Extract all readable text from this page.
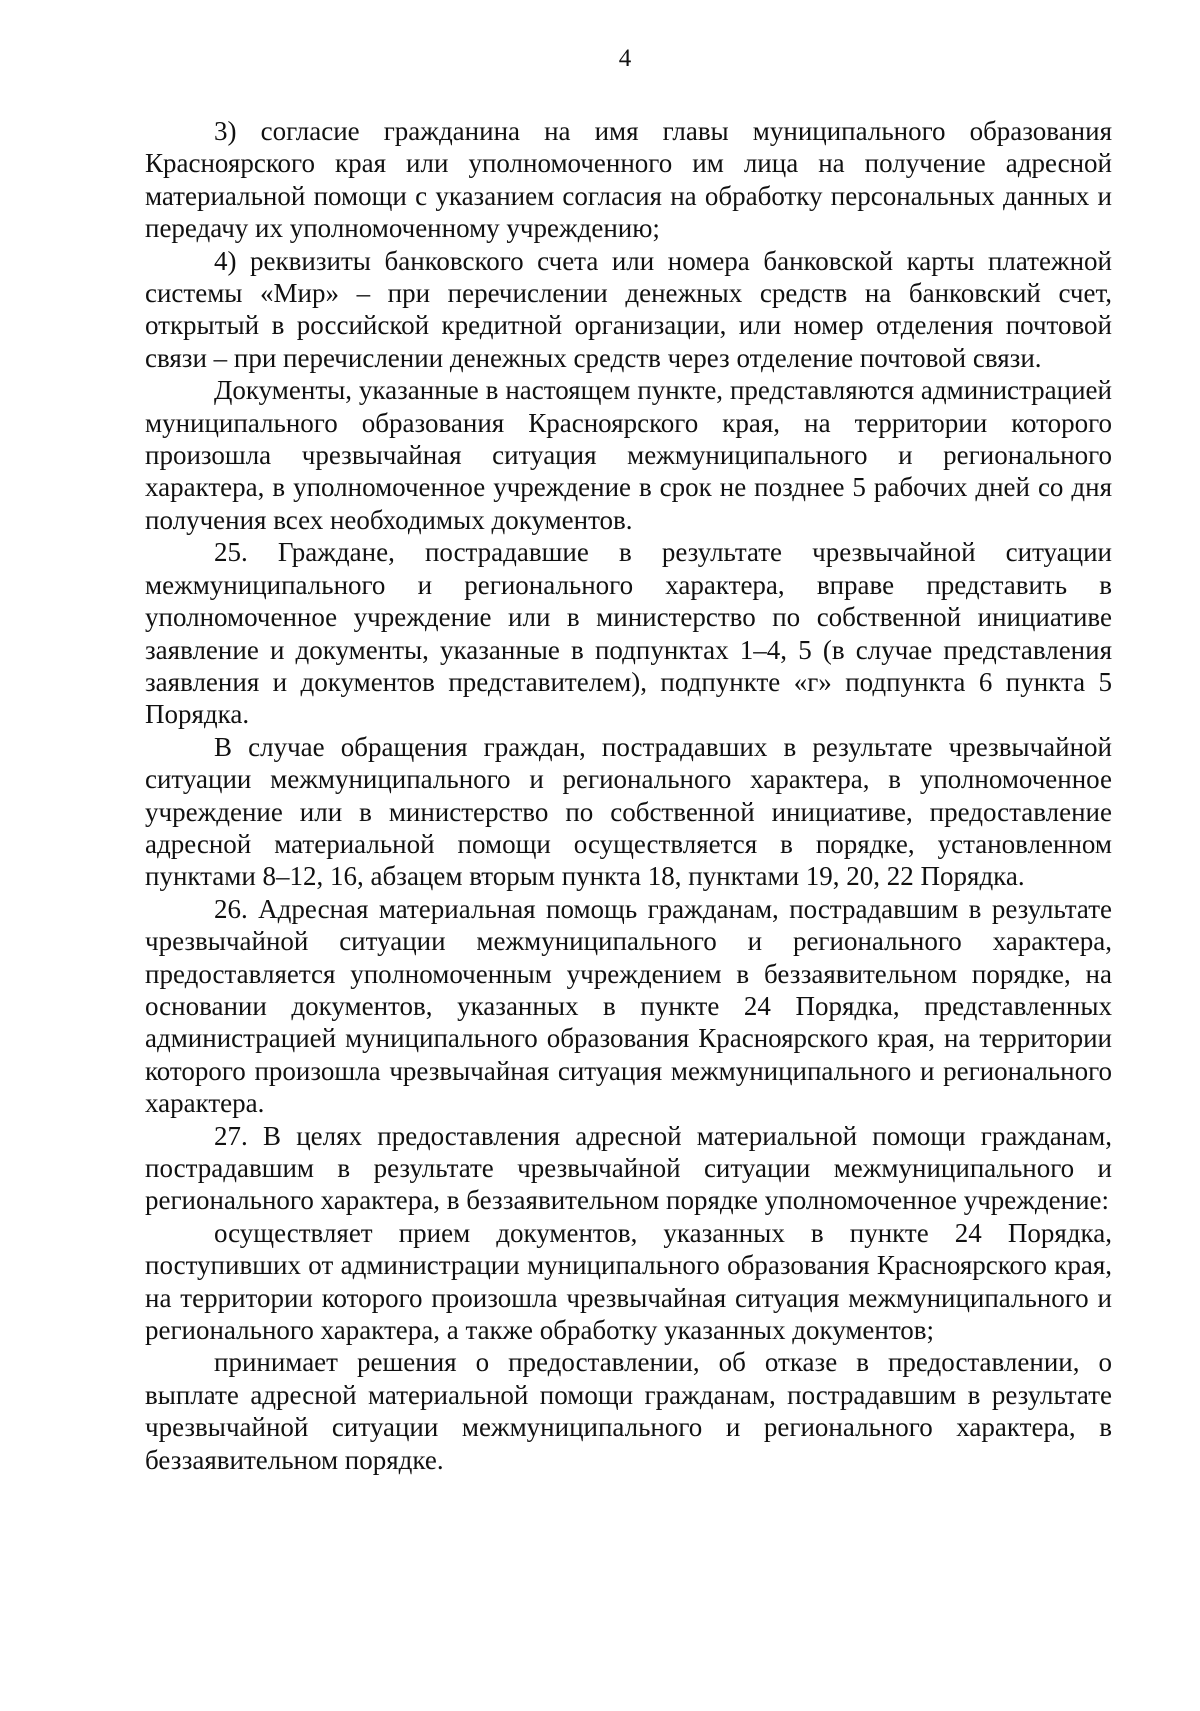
4

3) согласие гражданина на имя главы муниципального образования Красноярского края или уполномоченного им лица на получение адресной материальной помощи с указанием согласия на обработку персональных данных и передачу их уполномоченному учреждению;

4) реквизиты банковского счета или номера банковской карты платежной системы «Мир» – при перечислении денежных средств на банковский счет, открытый в российской кредитной организации, или номер отделения почтовой связи – при перечислении денежных средств через отделение почтовой связи.

Документы, указанные в настоящем пункте, представляются администрацией муниципального образования Красноярского края, на территории которого произошла чрезвычайная ситуация межмуниципального и регионального характера, в уполномоченное учреждение в срок не позднее 5 рабочих дней со дня получения всех необходимых документов.

25. Граждане, пострадавшие в результате чрезвычайной ситуации межмуниципального и регионального характера, вправе представить в уполномоченное учреждение или в министерство по собственной инициативе заявление и документы, указанные в подпунктах 1–4, 5 (в случае представления заявления и документов представителем), подпункте «г» подпункта 6 пункта 5 Порядка.

В случае обращения граждан, пострадавших в результате чрезвычайной ситуации межмуниципального и регионального характера, в уполномоченное учреждение или в министерство по собственной инициативе, предоставление адресной материальной помощи осуществляется в порядке, установленном пунктами 8–12, 16, абзацем вторым пункта 18, пунктами 19, 20, 22 Порядка.

26. Адресная материальная помощь гражданам, пострадавшим в результате чрезвычайной ситуации межмуниципального и регионального характера, предоставляется уполномоченным учреждением в беззаявительном порядке, на основании документов, указанных в пункте 24 Порядка, представленных администрацией муниципального образования Красноярского края, на территории которого произошла чрезвычайная ситуация межмуниципального и регионального характера.

27. В целях предоставления адресной материальной помощи гражданам, пострадавшим в результате чрезвычайной ситуации межмуниципального и регионального характера, в беззаявительном порядке уполномоченное учреждение:

осуществляет прием документов, указанных в пункте 24 Порядка, поступивших от администрации муниципального образования Красноярского края, на территории которого произошла чрезвычайная ситуация межмуниципального и регионального характера, а также обработку указанных документов;

принимает решения о предоставлении, об отказе в предоставлении, о выплате адресной материальной помощи гражданам, пострадавшим в результате чрезвычайной ситуации межмуниципального и регионального характера, в беззаявительном порядке.
